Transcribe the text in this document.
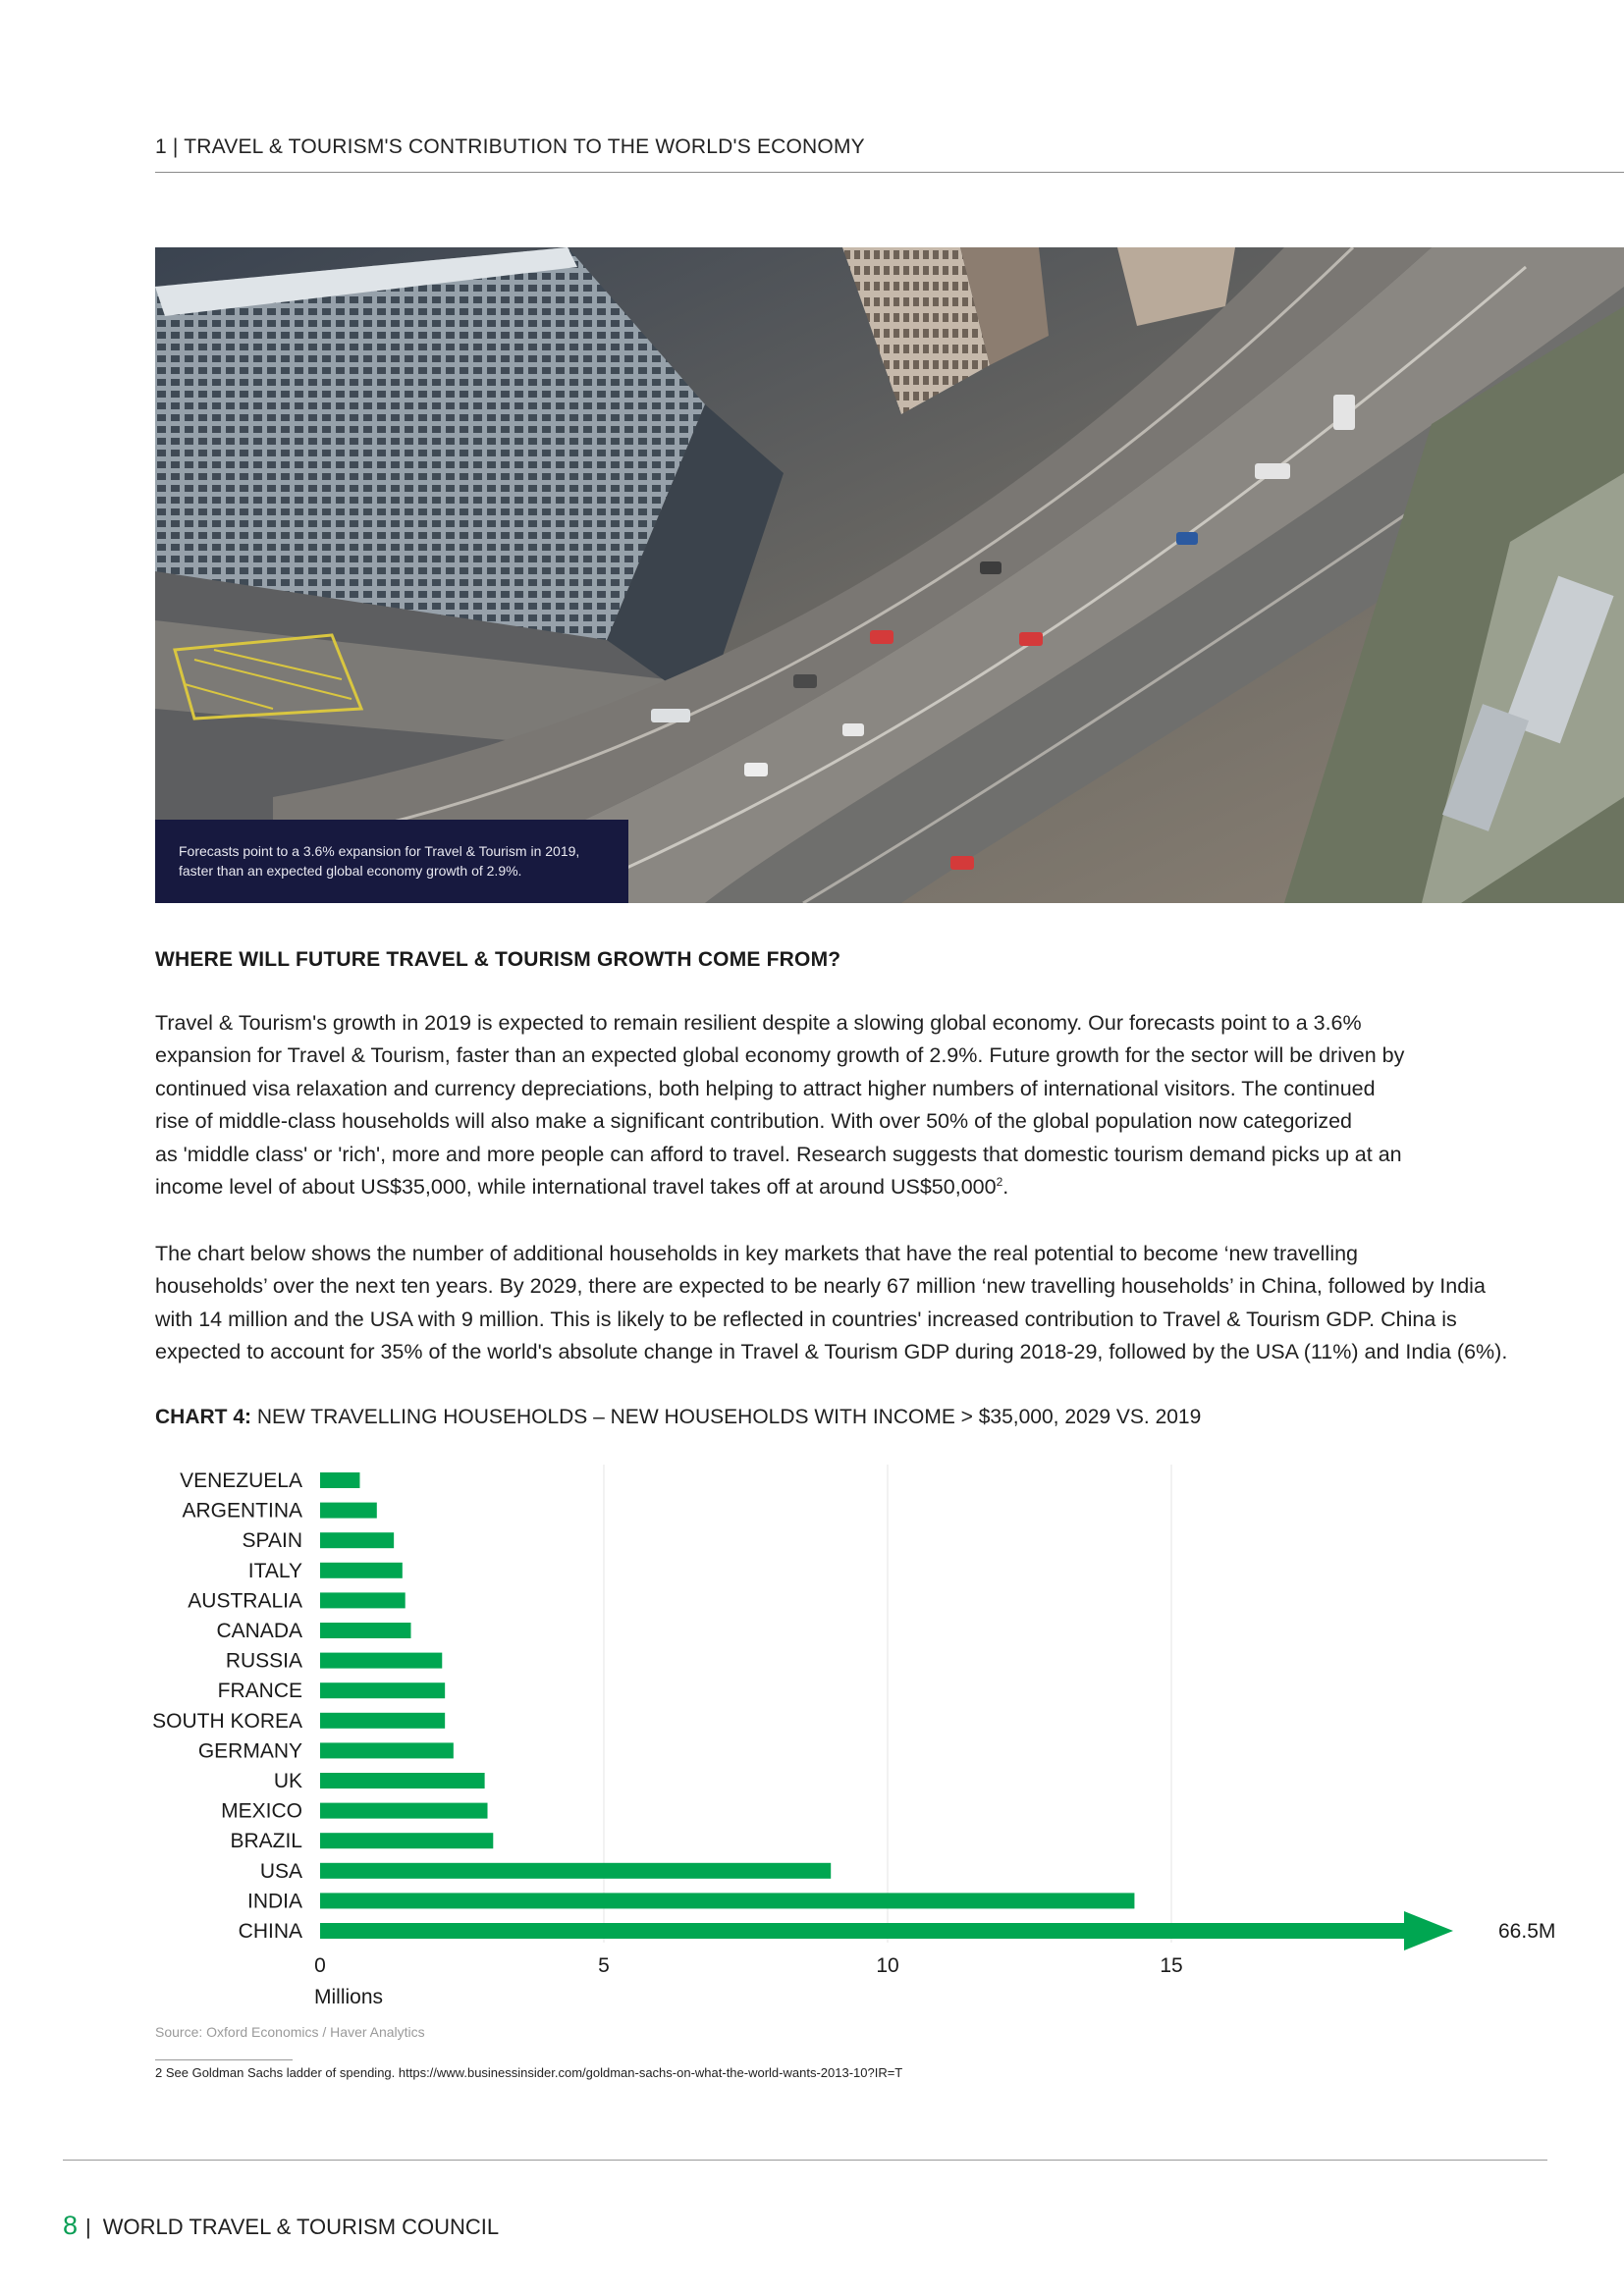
1 | TRAVEL & TOURISM'S CONTRIBUTION TO THE WORLD'S ECONOMY
Forecasts point to a 3.6% expansion for Travel & Tourism in 2019,
faster than an expected global economy growth of 2.9%.
WHERE WILL FUTURE TRAVEL & TOURISM GROWTH COME FROM?
Travel & Tourism's growth in 2019 is expected to remain resilient despite a slowing global economy. Our forecasts point to a 3.6%
expansion for Travel & Tourism, faster than an expected global economy growth of 2.9%. Future growth for the sector will be driven by
continued visa relaxation and currency depreciations, both helping to attract higher numbers of international visitors. The continued
rise of middle-class households will also make a significant contribution. With over 50% of the global population now categorized
as 'middle class' or 'rich', more and more people can afford to travel. Research suggests that domestic tourism demand picks up at an
income level of about US$35,000, while international travel takes off at around US$50,000$^2$.
The chart below shows the number of additional households in key markets that have the real potential to become ‘new travelling
households’ over the next ten years. By 2029, there are expected to be nearly 67 million ‘new travelling households’ in China, followed by India
with 14 million and the USA with 9 million. This is likely to be reflected in countries' increased contribution to Travel & Tourism GDP. China is
expected to account for 35% of the world's absolute change in Travel & Tourism GDP during 2018-29, followed by the USA (11%) and India (6%).
CHART 4: NEW TRAVELLING HOUSEHOLDS – NEW HOUSEHOLDS WITH INCOME > $35,000, 2029 VS. 2019
VENEZUELA
ARGENTINA
SPAIN
ITALY
AUSTRALIA
CANADA
RUSSIA
FRANCE
SOUTH KOREA
GERMANY
UK
MEXICO
BRAZIL
USA
INDIA
CHINA	66.5M
0	5	10	15
Millions
Source: Oxford Economics / Haver Analytics
2 See Goldman Sachs ladder of spending. https://www.businessinsider.com/goldman-sachs-on-what-the-world-wants-2013-10?IR=T
8 | WORLD TRAVEL & TOURISM COUNCIL
